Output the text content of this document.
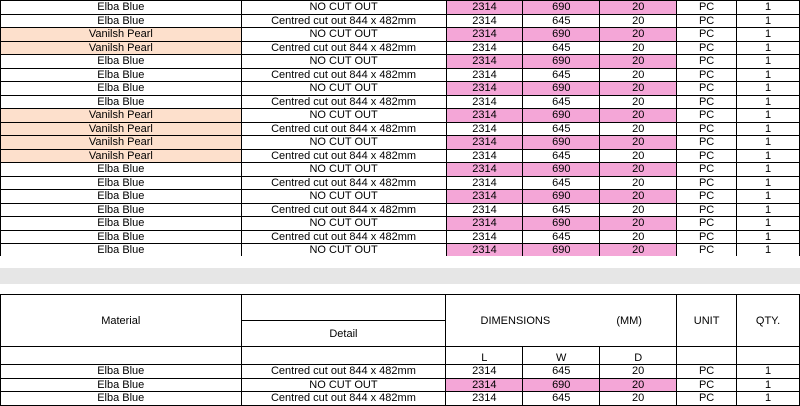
Elba Blue	NO CUT OUT	2314	690	20	PC	1
Elba Blue	Centred cut out 844 x 482mm	2314	645	20	PC	1
Vanilsh Pearl	NO CUT OUT	2314	690	20	PC	1
Vanilsh Pearl	Centred cut out 844 x 482mm	2314	645	20	PC	1
Elba Blue	NO CUT OUT	2314	690	20	PC	1
Elba Blue	Centred cut out 844 x 482mm	2314	645	20	PC	1
Elba Blue	NO CUT OUT	2314	690	20	PC	1
Elba Blue	Centred cut out 844 x 482mm	2314	645	20	PC	1
Vanilsh Pearl	NO CUT OUT	2314	690	20	PC	1
Vanilsh Pearl	Centred cut out 844 x 482mm	2314	645	20	PC	1
Vanilsh Pearl	NO CUT OUT	2314	690	20	PC	1
Vanilsh Pearl	Centred cut out 844 x 482mm	2314	645	20	PC	1
Elba Blue	NO CUT OUT	2314	690	20	PC	1
Elba Blue	Centred cut out 844 x 482mm	2314	645	20	PC	1
Elba Blue	NO CUT OUT	2314	690	20	PC	1
Elba Blue	Centred cut out 844 x 482mm	2314	645	20	PC	1
Elba Blue	NO CUT OUT	2314	690	20	PC	1
Elba Blue	Centred cut out 844 x 482mm	2314	645	20	PC	1
Elba Blue	NO CUT OUT	2314	690	20	PC	1
Material		DIMENSIONS (MM)			UNIT	QTY.
	Detail					
		L	W	D		
Elba Blue	Centred cut out 844 x 482mm	2314	645	20	PC	1
Elba Blue	NO CUT OUT	2314	690	20	PC	1
Elba Blue	Centred cut out 844 x 482mm	2314	645	20	PC	1
